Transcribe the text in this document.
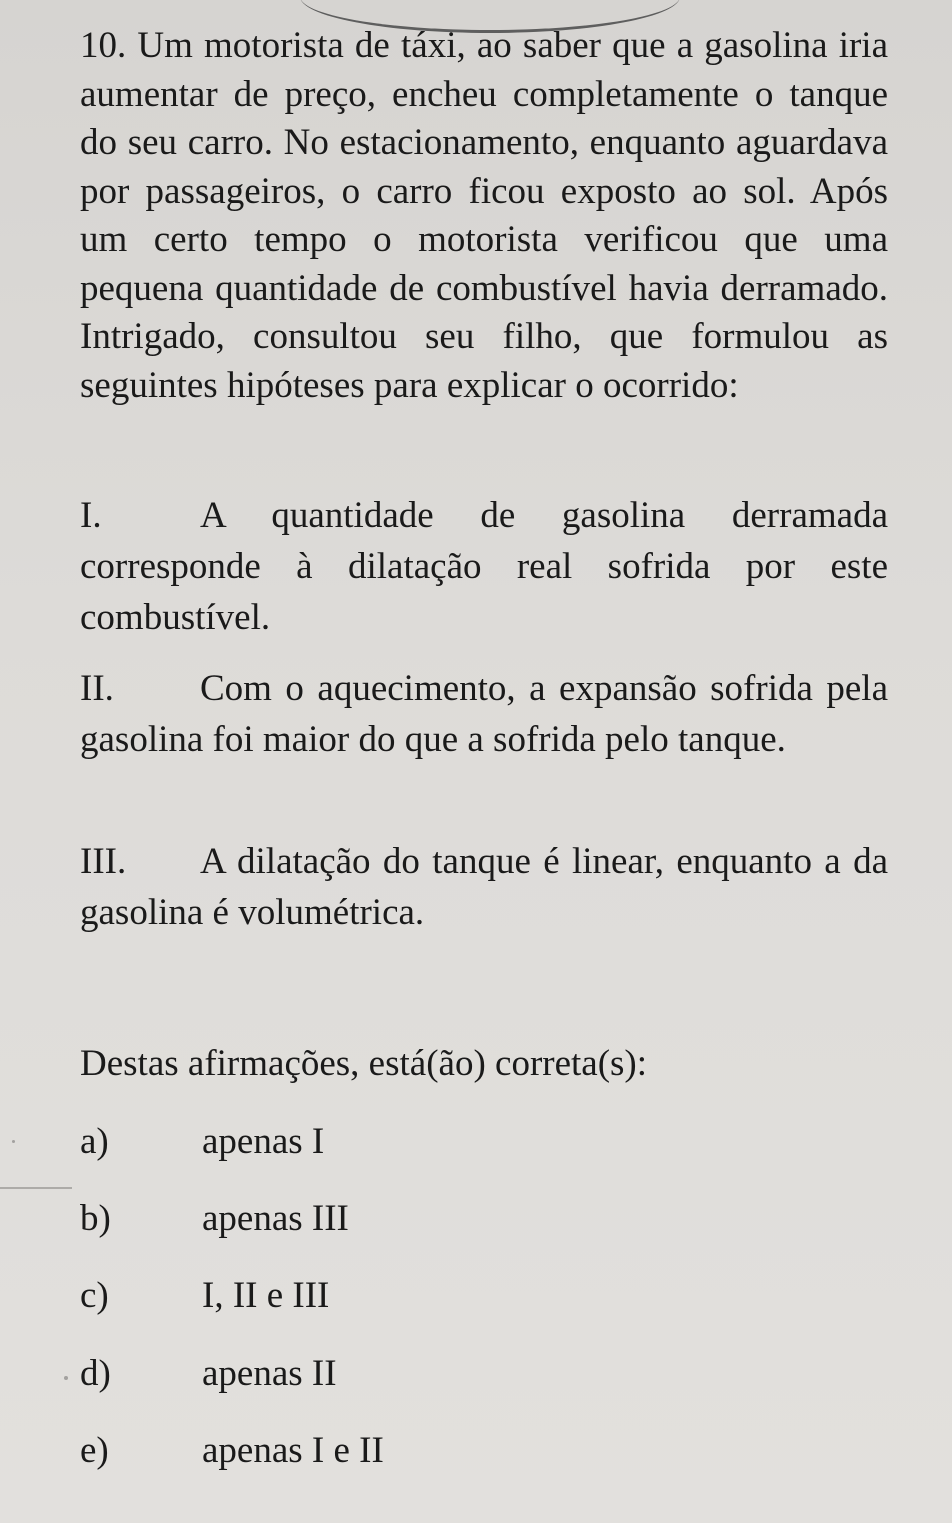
10. Um motorista de táxi, ao saber que a gasolina iria aumentar de preço, encheu completamente o tanque do seu carro. No estacionamento, enquanto aguardava por passageiros, o carro ficou exposto ao sol. Após um certo tempo o motorista verificou que uma pequena quantidade de combustível havia derramado. Intrigado, consultou seu filho, que formulou as seguintes hipóteses para explicar o ocorrido:
I.	A quantidade de gasolina derramada corresponde à dilatação real sofrida por este combustível.
II. Com o aquecimento, a expansão sofrida pela gasolina foi maior do que a sofrida pelo tanque.
III. A dilatação do tanque é linear, enquanto a da gasolina é volumétrica.
Destas afirmações, está(ão) correta(s):
a)	apenas I
b) apenas III
c)	I, II e III
d) apenas II
e)	apenas I e II
